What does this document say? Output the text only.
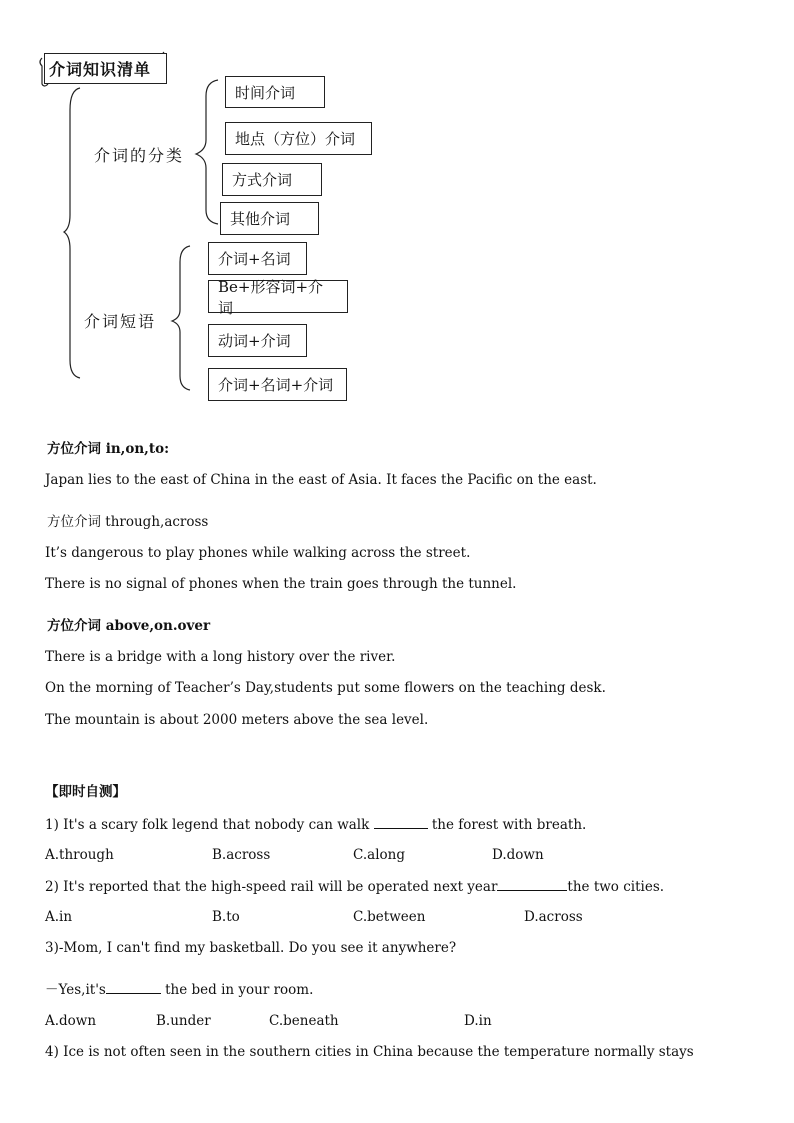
介词知识清单
介词的分类
介词短语
时间介词
地点（方位）介词
方式介词
其他介词
介词+名词
Be+形容词+介词
动词+介词
介词+名词+介词
方位介词 in,on,to:
Japan lies to the east of China in the east of Asia. It faces the Pacific on the east.
方位介词 through,across
It’s dangerous to play phones while walking across the street.
There is no signal of phones when the train goes through the tunnel.
方位介词 above,on.over
There is a bridge with a long history over the river.
On the morning of Teacher’s Day,students put some flowers on the teaching desk.
The mountain is about 2000 meters above the sea level.
【即时自测】
1) It's a scary folk legend that nobody can walk	the forest with breath.
A.through	B.across	C.along	D.down
2) It's reported that the high-speed rail will be operated next year	the two cities.
A.in	B.to	C.between	D.across
3)-Mom, I can't find my basketball. Do you see it anywhere?
－Yes,it's	the bed in your room.
A.down	B.under	C.beneath	D.in
4) Ice is not often seen in the southern cities in China because the temperature normally stays
